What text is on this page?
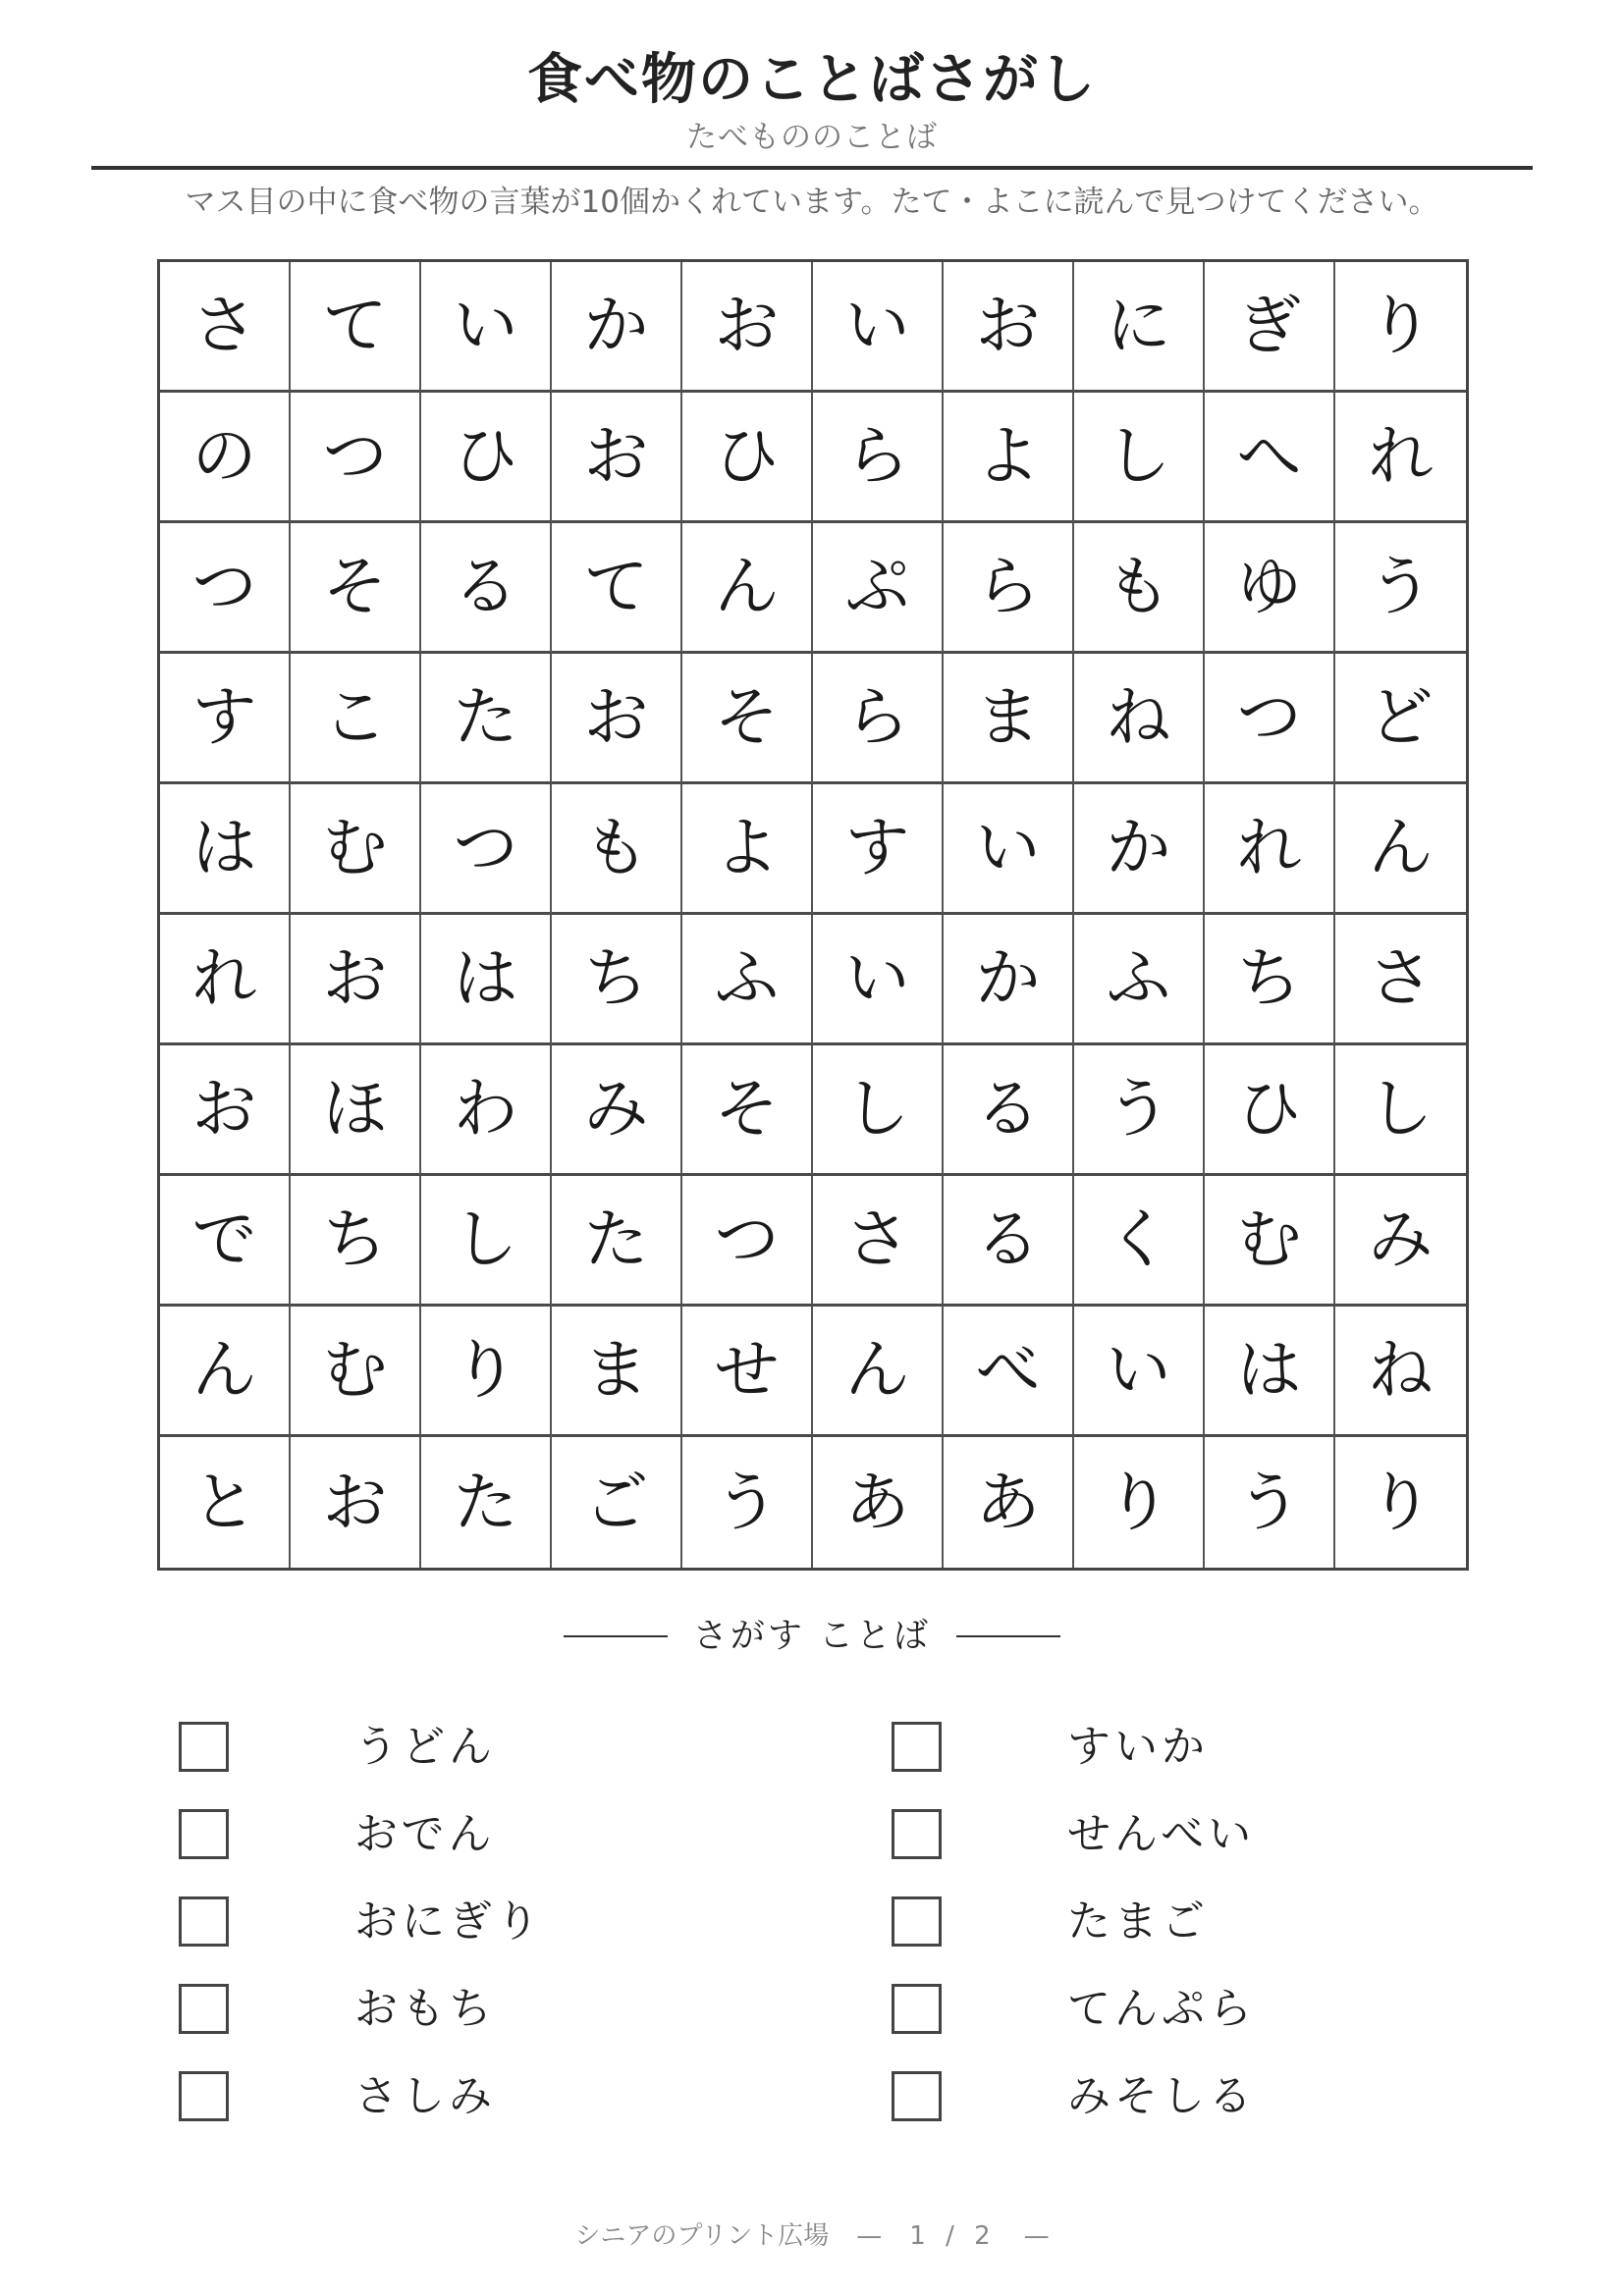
食べ物のことばさがし
たべもののことば
マス目の中に食べ物の言葉が10個かくれています。たて・よこに読んで見つけてください。
さ	て	い	か	お	い	お	に	ぎ	り
の	つ	ひ	お	ひ	ら	よ	し	へ	れ
つ	そ	る	て	ん	ぷ	ら	も	ゆ	う
す	こ	た	お	そ	ら	ま	ね	つ	ど
は	む	つ	も	よ	す	い	か	れ	ん
れ	お	は	ち	ふ	い	か	ふ	ち	さ
お	ほ	わ	み	そ	し	る	う	ひ	し
で	ち	し	た	つ	さ	る	く	む	み
ん	む	り	ま	せ	ん	べ	い	は	ね
と	お	た	ご	う	あ	あ	り	う	り
さがす ことば
うどん
おでん
おにぎり
おもち
さしみ
すいか
せんべい
たまご
てんぷら
みそしる
シニアのプリント広場 — 1 / 2 —
